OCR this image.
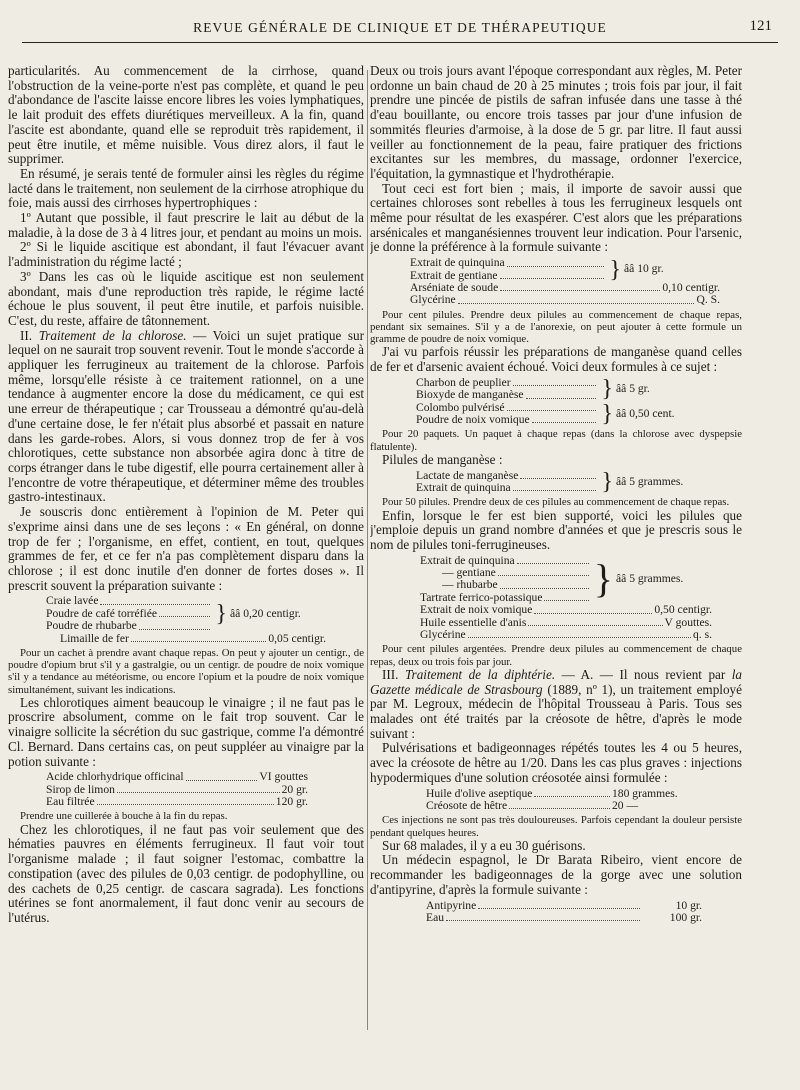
REVUE GÉNÉRALE DE CLINIQUE ET DE THÉRAPEUTIQUE	121

particularités. Au commencement de la cirrhose, quand l'obstruction de la veine-porte n'est pas complète, et quand le peu d'abondance de l'ascite laisse encore libres les voies lymphatiques, le lait produit des effets diurétiques merveilleux. A la fin, quand l'ascite est abondante, quand elle se reproduit très rapidement, il peut être inutile, et même nuisible. Vous direz alors, il faut le supprimer.

En résumé, je serais tenté de formuler ainsi les règles du régime lacté dans le traitement, non seulement de la cirrhose atrophique du foie, mais aussi des cirrhoses hypertrophiques :

1º Autant que possible, il faut prescrire le lait au début de la maladie, à la dose de 3 à 4 litres jour, et pendant au moins un mois.

2º Si le liquide ascitique est abondant, il faut l'évacuer avant l'administration du régime lacté ;

3º Dans les cas où le liquide ascitique est non seulement abondant, mais d'une reproduction très rapide, le régime lacté échoue le plus souvent, il peut être inutile, et parfois nuisible. C'est, du reste, affaire de tâtonnement.

II. Traitement de la chlorose. — Voici un sujet pratique sur lequel on ne saurait trop souvent revenir. Tout le monde s'accorde à appliquer les ferrugineux au traitement de la chlorose. Parfois même, lorsqu'elle résiste à ce traitement rationnel, on a une tendance à augmenter encore la dose du médicament, ce qui est une erreur de thérapeutique ; car Trousseau a démontré qu'au-delà d'une certaine dose, le fer n'était plus absorbé et passait en nature dans les garde-robes. Alors, si vous donnez trop de fer à vos chlorotiques, cette substance non absorbée agira donc à titre de corps étranger dans le tube digestif, elle pourra certainement aller à l'encontre de votre thérapeutique, et déterminer même des troubles gastro-intestinaux.

Je souscris donc entièrement à l'opinion de M. Peter qui s'exprime ainsi dans une de ses leçons : « En général, on donne trop de fer ; l'organisme, en effet, contient, en tout, quelques grammes de fer, et ce fer n'a pas complètement disparu dans la chlorose ; il est donc inutile d'en donner de fortes doses ». Il prescrit souvent la préparation suivante :

Craie lavée
Poudre de café torréfiée
Poudre de rhubarbe	} ââ 0,20 centigr.
Limaille de fer	0,05 centigr.

Pour un cachet à prendre avant chaque repas. On peut y ajouter un centigr., de poudre d'opium brut s'il y a gastralgie, ou un centigr. de poudre de noix vomique s'il y a tendance au météorisme, ou encore l'opium et la poudre de noix vomique simultanément, suivant les indications.

Les chlorotiques aiment beaucoup le vinaigre ; il ne faut pas le proscrire absolument, comme on le fait trop souvent. Car le vinaigre sollicite la sécrétion du suc gastrique, comme l'a démontré Cl. Bernard. Dans certains cas, on peut suppléer au vinaigre par la potion suivante :

Acide chlorhydrique officinal	VI gouttes
Sirop de limon	20 gr.
Eau filtrée	120 gr.

Prendre une cuillerée à bouche à la fin du repas.

Chez les chlorotiques, il ne faut pas voir seulement que des hématies pauvres en éléments ferrugineux. Il faut voir tout l'organisme malade ; il faut soigner l'estomac, combattre la constipation (avec des pilules de 0,03 centigr. de podophylline, ou des cachets de 0,25 centigr. de cascara sagrada). Les fonctions utérines se font anormalement, il faut donc venir au secours de l'utérus.

Deux ou trois jours avant l'époque correspondant aux règles, M. Peter ordonne un bain chaud de 20 à 25 minutes ; trois fois par jour, il fait prendre une pincée de pistils de safran infusée dans une tasse à thé d'eau bouillante, ou encore trois tasses par jour d'une infusion de sommités fleuries d'armoise, à la dose de 5 gr. par litre. Il faut aussi veiller au fonctionnement de la peau, faire pratiquer des frictions excitantes sur les membres, du massage, ordonner l'exercice, l'équitation, la gymnastique et l'hydrothérapie.

Tout ceci est fort bien ; mais, il importe de savoir aussi que certaines chloroses sont rebelles à tous les ferrugineux lesquels ont même pour résultat de les exaspérer. C'est alors que les préparations arsénicales et manganésiennes trouvent leur indication. Pour l'arsenic, je donne la préférence à la formule suivante :

Extrait de quinquina
Extrait de gentiane	} ââ 10 gr.
Arséniate de soude	0,10 centigr.
Glycérine	Q. S.

Pour cent pilules. Prendre deux pilules au commencement de chaque repas, pendant six semaines. S'il y a de l'anorexie, on peut ajouter à cette formule un gramme de poudre de noix vomique.

J'ai vu parfois réussir les préparations de manganèse quand celles de fer et d'arsenic avaient échoué. Voici deux formules à ce sujet :

Charbon de peuplier
Bioxyde de manganèse	} ââ 5 gr.
Colombo pulvérisé
Poudre de noix vomique	} ââ 0,50 cent.

Pour 20 paquets. Un paquet à chaque repas (dans la chlorose avec dyspepsie flatulente).

Pilules de manganèse :

Lactate de manganèse
Extrait de quinquina	} ââ 5 grammes.

Pour 50 pilules. Prendre deux de ces pilules au commencement de chaque repas.

Enfin, lorsque le fer est bien supporté, voici les pilules que j'emploie depuis un grand nombre d'années et que je prescris sous le nom de pilules toni-ferrugineuses.

Extrait de quinquina
— gentiane
— rhubarbe
Tartrate ferrico-potassique } ââ 5 grammes.
Extrait de noix vomique	0,50 centigr.
Huile essentielle d'anis	V gouttes.
Glycérine	q. s.

Pour cent pilules argentées. Prendre deux pilules au commencement de chaque repas, deux ou trois fois par jour.

III. Traitement de la diphtérie. — A. — Il nous revient par la Gazette médicale de Strasbourg (1889, nº 1), un traitement employé par M. Legroux, médecin de l'hôpital Trousseau à Paris. Tous ses malades ont été traités par la créosote de hêtre, d'après le mode suivant :

Pulvérisations et badigeonnages répétés toutes les 4 ou 5 heures, avec la créosote de hêtre au 1/20. Dans les cas plus graves : injections hypodermiques d'une solution créosotée ainsi formulée :

Huile d'olive aseptique	180 grammes.
Créosote de hêtre	20 —

Ces injections ne sont pas très douloureuses. Parfois cependant la douleur persiste pendant quelques heures.

Sur 68 malades, il y a eu 30 guérisons.

Un médecin espagnol, le Dr Barata Ribeiro, vient encore de recommander les badigeonnages de la gorge avec une solution d'antipyrine, d'après la formule suivante :

Antipyrine	10 gr.
Eau	100 gr.
